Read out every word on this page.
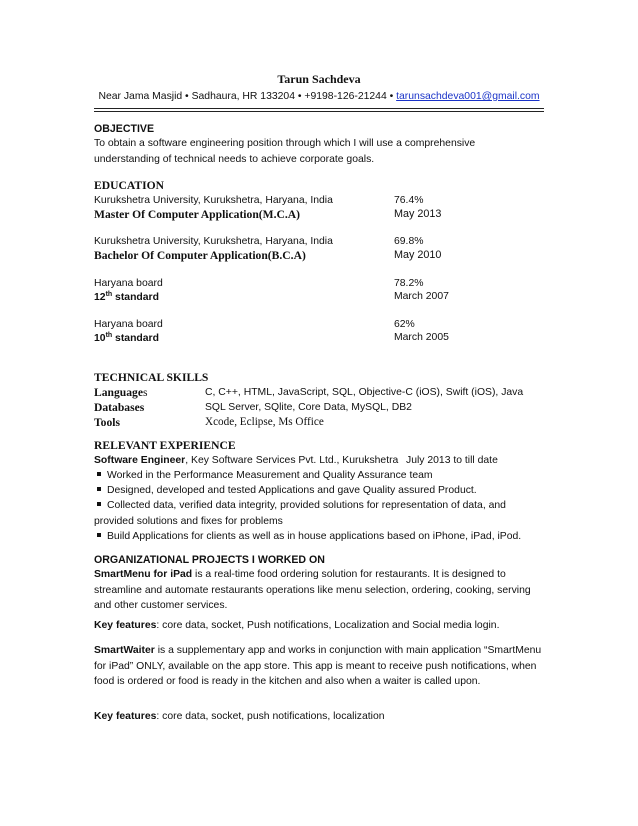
Tarun Sachdeva
Near Jama Masjid • Sadhaura, HR 133204 • +9198-126-21244 • tarunsachdeva001@gmail.com
OBJECTIVE
To obtain a software engineering position through which I will use a comprehensive
understanding of technical needs to achieve corporate goals.
EDUCATION
Kurukshetra University, Kurukshetra, Haryana, India	76.4%
Master Of Computer Application(M.C.A)	May 2013
Kurukshetra University, Kurukshetra, Haryana, India	69.8%
Bachelor Of Computer Application(B.C.A)	May 2010
Haryana board	78.2%
12th standard	March 2007
Haryana board	62%
10th standard	March 2005
TECHNICAL SKILLS
Languages	C, C++, HTML, JavaScript, SQL, Objective-C (iOS), Swift (iOS), Java
Databases	SQL Server, SQlite, Core Data, MySQL, DB2
Tools	Xcode, Eclipse, Ms Office
RELEVANT EXPERIENCE
Software Engineer, Key Software Services Pvt. Ltd., Kurukshetra July 2013 to till date
Worked in the Performance Measurement and Quality Assurance team
Designed, developed and tested Applications and gave Quality assured Product.
Collected data, verified data integrity, provided solutions for representation of data, and provided solutions and fixes for problems
Build Applications for clients as well as in house applications based on iPhone, iPad, iPod.
ORGANIZATIONAL PROJECTS I WORKED ON
SmartMenu for iPad is a real-time food ordering solution for restaurants. It is designed to streamline and automate restaurants operations like menu selection, ordering, cooking, serving and other customer services.
Key features: core data, socket, Push notifications, Localization and Social media login.
SmartWaiter is a supplementary app and works in conjunction with main application “SmartMenu for iPad” ONLY, available on the app store. This app is meant to receive push notifications, when food is ordered or food is ready in the kitchen and also when a waiter is called upon.
Key features: core data, socket, push notifications, localization
